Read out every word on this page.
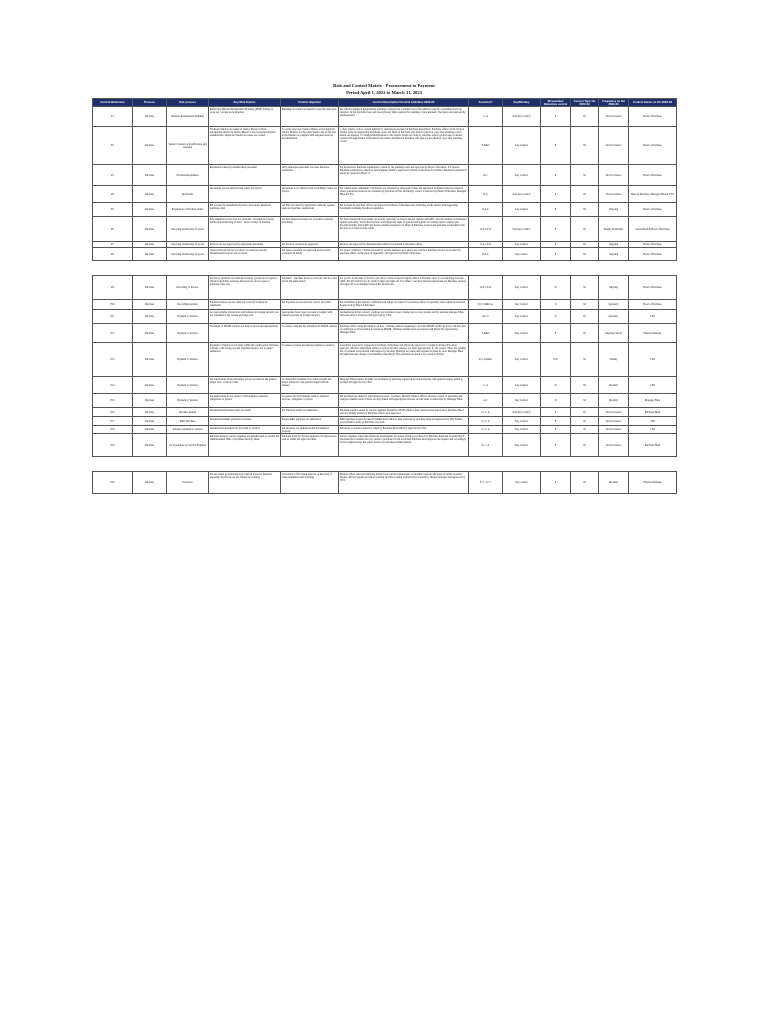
Risk and Control Matrix - Procurement to Payment
Period April 1, 2022 to March 31, 2023
Control Reference	Process	Sub process	Key Risk Events	Control objective	Control Description/ Control Activities 2022-23	Assertion*	Key/Nonkey	(Preventive/ (Detective control	Control Type On 2022-23	Frequency as On 2022-23	Control Owner as On 2022-23
P1	Purchase	Material Requirement Planning	Ineffective Material Requirement Planning (MRP) leading to stock out / excess stock situation.	Planning of production material as per the sales plan	An effective Material Requirement planning company has a standard excel file which is used for preventing stock out situation. In this file/table base and stores (buyer) input required for planning of procurement. The inputs are analyzed by purchase head.	C, A	Non Key Control	P	M	On Occurrence	Head of Purchase
P2	Purchase	Vendor Creation or modification and selection	Fictitious Vendors are added to Vendor Master Critical information entered in Vendor Master is inaccurate/incomplete/ unauthorized. Duplicate Vendor Accounts are created.	To create error free Vendor Master, avoid duplicate Vendor Masters for the same Vendor and all the data in the Masters is complete with adequate back up documentation.	1. New vendor code is created initially by authorized personnel in Purchase department. Purchase officer on the basis of Vendor form and supporting document create and Head of Purchase will approve physical copy after ensuring correct details are entered. 2. Changes/Modifications to the vendor master are done by purchase officer on the basis of details received through Vendor form/email from vendor and Head of Purchase will approve the physical copy after ensuring correct	E,R&O	Key Control	P	M	On Occurrence	Head of Purchase
P3	Purchase	Purchase Requisition	Requisition raised by unauthorized personnel	Only authorized personnel can raise Purchase requisition	For Production: Purchase requisition is raised by the planning team and approved by Head of Purchase. For Spares: Purchase requisition is raised by user/engineer which is approved by Head of Purchase. For Others: Purchase requisition is issued by respective Head of	O,C,	Key Control	P	M	On Occurrence	Head of Purchase
P4	Purchase	Quotations	Quotations are not analysed and orders are placed	Quotations to be analysed and accordingly orders are placed	For capital items, Minimum 3 quotations are obtained for subsequent value and Quotation evaluation sheet is prepared where quotations received are evaluated by purchase officer and finally, vendor is selected by Head of Purchase, Manager F&A & CFO.	O,A	Non Key Control	P	M	On Occurrence	Head of Purchase, Manager F&A & CFO
P5	Purchase	Preparation of Purchase Order	PO is raised by unauthorized person. Inaccurate/ Duplicate purchase order	All POs are raised by appropriate authority against approved purchase requisitions	PO is raised by purchase officer and approved by Head of Purchase after reviewing all the details with supporting documents including Purchase requisition.	O,A,C	Key Control	P	M	Ongoing	Head of Purchase
P6	Purchase	Invoicing and Receipt of goods	Raw Material received are not recorded / recorded incorrectly. Ineffective monitoring of short / excess receipt of material.	All Raw material receipts are recorded accurately and timely	For Raw material & Store items: At security gate entry is done in inward register and GRN / Invoice number is mentioned against each entry. Stores head reviews and physically signs on gate inward register on weekly basis to ensure gate inwards matches with GRN and Invoice number mapped to it. Head of Purchase reviews and performs on monthly basis invoices is created in entry GRN.	O,A,C,E,O	Non Key Control	P	M	Weekly & Monthly	Stores Head & Head of Purchase
P7	Purchase	Invoicing and Receipt of goods	Invoices are not approved by appropriate personnel	All invoices received are approved	Invoices are approved by Purchase head which is forwarded to Purchase officer.	O,A,C,E,O	Key Control	P	M	Ongoing	Head of Purchase
P8	Purchase	Invoicing and Receipt of goods	Spares received are not recorded / recorded incorrectly. Unauthorized invoices are recorded.	All Spares received are approved and recorded accurately & timely	For spares / Delivery Challan is issued by service engineer once spares are received. Purchase invoice is recorded by purchase officer on the basis of signed DC and approved by Head of Purchase.	O,A,C	Key control	P	M	Ongoing	Head of Purchase

P9	Purchase	Recording of Invoice	Inventory quantities recorded in inventory system do not agree to physical quantities received. Invoiced rate do not agree to purchase order rate.	Suppliers' / purchase invoices correctly and are valid and in the same period.	For goods: At the time of invoice, grn entry is done in inward register. Head of Purchase does 3 way matching between GRN, PO, PO and Invoice in vendor ledger and signs off. For Others / services: Inward register head of Purchase reviews and signs off on evaluating between PO and Invoice.	O,A,C,E,O	Key Control	D	M	Ongoing	Head of Purchase
P10	Purchase	Recording payables	Payable balances are not reflected correctly in financial statements.	All Payables are recorded are correct and valid.	Reconciliation is the balance confirmation & ledger is prepared by purchase officer on quarterly basis which is reviewed & approved by Head of Purchase.	E,C,V,R&O,A	Key Control	D	M	Quarterly	Head of Purchase
P11	Purchase	Payment to Vendors	Account payable transactions and balances in foreign currency are not translated at the current exchange rate.	Appropriate forex rate to be used to ledgers with balances payable in foreign currency	As mentioned in the contract, creditors are translated as per closing rate at every quarter end by assistant manager F&A and each entry is reviewed and approved by CFO.	A,C,V	Key Control	D	M	Quarterly	CFO
P12	Purchase	Payment to Vendors	Treatment of MSME vendors are done accurate and appropriately	To ensure company has identified all MSME vendors	Purchase officer sends the email to all new / existing vendors requesting to provide MSME certificate if any. On the basis of certificate received vendor is treated as MSME. Ultimate identification is reviewed and physically approved by Manager F&A.	E,R&O	Key Control	P	M	Ongoing/ Yearly	Finance Manager
P13	Purchase	Payment to Vendors	Payment to Vendors is not made within the credit period. Payment is made to the wrong account. Payment made is not accurate / authorized	To ensure accurate and timely payment to vendors	A payment proposal is prepared by the Head of Purchase and physically approved or sought from the CFO. After approval, Advance adjustment entries as before the GFC releases are done appropriately by the vendor. Thus, the pending list of payment is reconciled with ledgers by the Asst. Manager Accounts and payment is made by Asst. Manager F&A through bank and cheque or net banking respectively. The payments are made every week on Friday.	E,C,A,R&O	Key Control	P/D	M	Weekly	CFO
P14	Purchase	Payment to Vendors	All transactions of the sub ledger are not recorded in the general ledger and / or the accounts	To ensure that payment of accounts payable sub ledger balances to the general ledger with GL balance	Manager F&A prepares monthly reconciliation of purchase register & Accounts Payable with general ledgers which is verified and approved by CFO.	C, A	Key Control	D	M	Monthly	CFO
P15	Purchase	Payment to Vendors	Payments made do not relate to valid business expenses, obligations or payees	To ensure that all payments relate to business services, obligation or payees	All payments are linked to appropriate invoices / vouchers. Monthly finance Officer extracts a report of payments and analyses whether each of those are duly linked with appropriate invoices and the same is authorized by Manager F&A.	A,C	Key Control	D	M	Monthly	Manager F&A
P16	Purchase	Purchase Return	Unauthorised Purchase return are made.	All Purchase return are authorized.	Purchase return is raised by service engineer. Respective HOD which is then reviewed and approved by Purchase Head and accordingly posted by Purchase officer once approved.	O, C, A	Non Key Control	P	M	On Occurrence	Purchase Head
P17	Purchase	R&D Purchase	Unauthorised R&D purchases are made.	Ensure R&D purchase are authorized.	R&D purchase request is raised by R&D head which is then reviewed by purchase head and approved by MD. Further procurement is same as Purchase of Goods.	O, C, A	Key Control	P	M	On Occurrence	MD
P18	Purchase	Advance payment to vendors	Unauthorised Advances are provided to vendors.	All advances are authorized and documented properly.	Advances to vendors request is raised by Purchase head which is approved by CFO.	O, C, A	Key Control	P	M	On Occurrence	CFO
P19	Purchase	Local purchase by Service Engineer	Purchase made by service engineer are unauthorised or outside the reimbursement limit of purchases head by them.	Purchase made by Service engineers are approved as well as within the approved limit.	Service engineer raises miscellaneous requirements for spares which are reviewed by Purchase head and on analysing if purchase head consider that it is viable to purchase it from local then Purchase head approves the request and accordingly service engineer buys the spares from local and takes reimbursement.	E, C, A	Key Control	P	M	On Occurrence	Purchase Head

P20	Purchase	Provision	Excess/ under provisioning may result in incorrect financial reporting. Provisions are not backed by working	Calculation of Provision must be on the basis of valid assumption and workings	Finance officer takes provisioning details from various stakeholders on monthly basis On the basis of details received finance officer prepares provision working and this working is physically reviewed by finance manager and approved by CFO.	E, C, A, V	Key control	P	M	Monthly	Finance Manager
